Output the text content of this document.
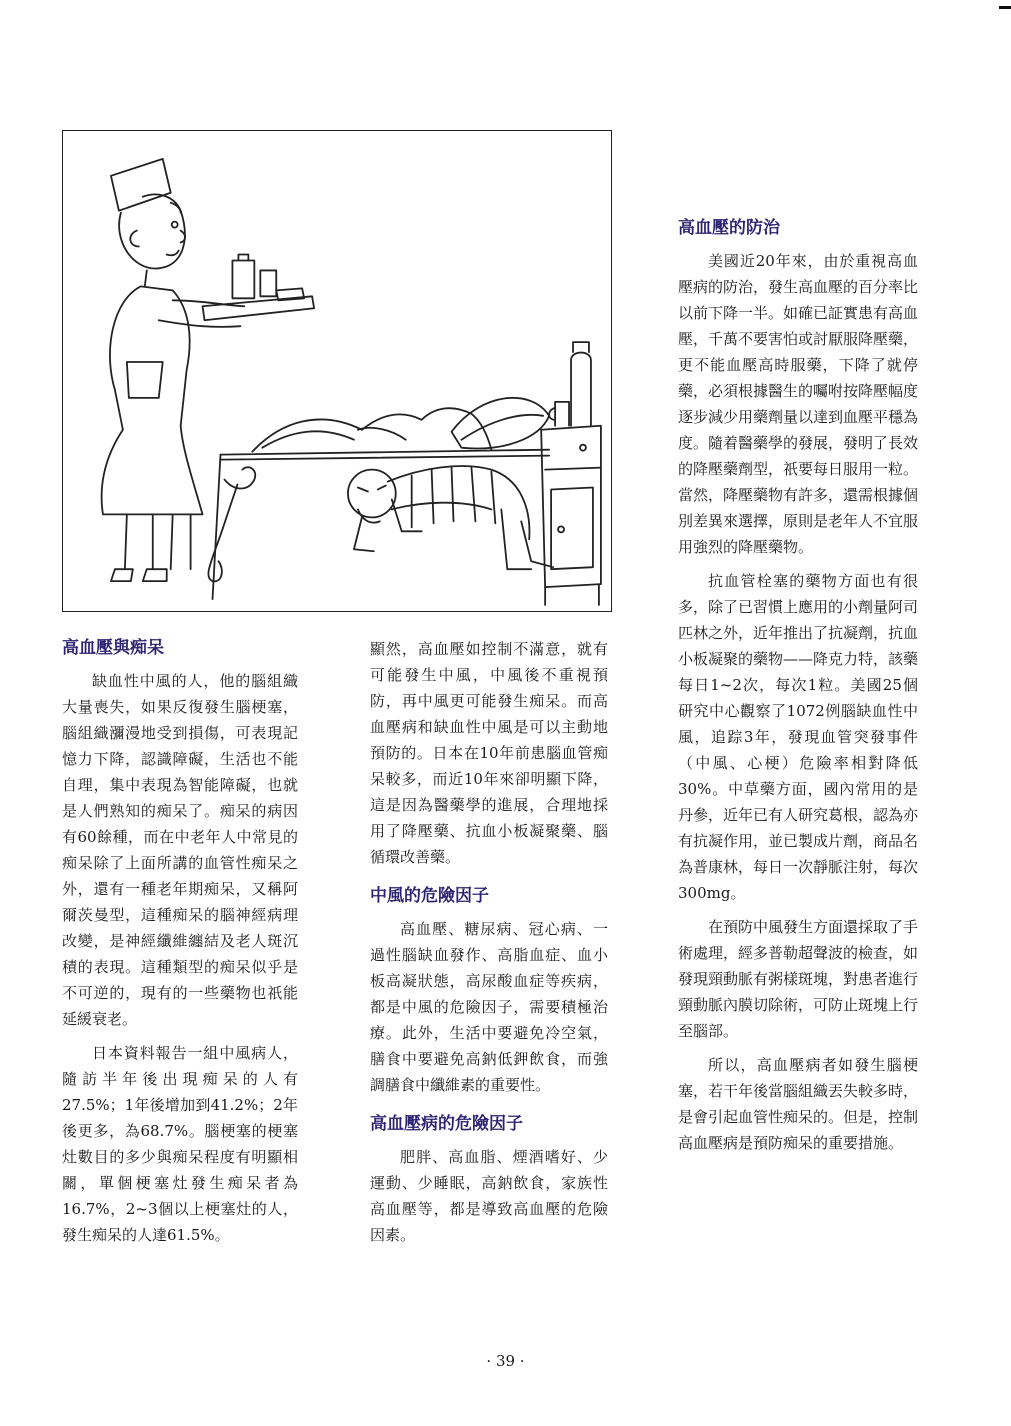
高血壓與痴呆

缺血性中風的人，他的腦組織大量喪失，如果反復發生腦梗塞，腦組織瀰漫地受到損傷，可表現記憶力下降，認識障礙，生活也不能自理，集中表現為智能障礙，也就是人們熟知的痴呆了。痴呆的病因有60餘種，而在中老年人中常見的痴呆除了上面所講的血管性痴呆之外，還有一種老年期痴呆，又稱阿爾茨曼型，這種痴呆的腦神經病理改變，是神經纖維纏結及老人斑沉積的表現。這種類型的痴呆似乎是不可逆的，現有的一些藥物也祇能延緩衰老。

日本資料報告一組中風病人，隨訪半年後出現痴呆的人有27.5%；1年後增加到41.2%；2年後更多，為68.7%。腦梗塞的梗塞灶數目的多少與痴呆程度有明顯相關，單個梗塞灶發生痴呆者為16.7%，2~3個以上梗塞灶的人，發生痴呆的人達61.5%。

顯然，高血壓如控制不滿意，就有可能發生中風，中風後不重視預防，再中風更可能發生痴呆。而高血壓病和缺血性中風是可以主動地預防的。日本在10年前患腦血管痴呆較多，而近10年來卻明顯下降，這是因為醫藥學的進展，合理地採用了降壓藥、抗血小板凝聚藥、腦循環改善藥。

中風的危險因子

高血壓、糖尿病、冠心病、一過性腦缺血發作、高脂血症、血小板高凝狀態，高尿酸血症等疾病，都是中風的危險因子，需要積極治療。此外，生活中要避免冷空氣，膳食中要避免高鈉低鉀飲食，而強調膳食中纖維素的重要性。

高血壓病的危險因子

肥胖、高血脂、煙酒嗜好、少運動、少睡眠，高鈉飲食，家族性高血壓等，都是導致高血壓的危險因素。

高血壓的防治

美國近20年來，由於重視高血壓病的防治，發生高血壓的百分率比以前下降一半。如確已証實患有高血壓，千萬不要害怕或討厭服降壓藥，更不能血壓高時服藥，下降了就停藥，必須根據醫生的囑咐按降壓幅度逐步減少用藥劑量以達到血壓平穩為度。隨着醫藥學的發展，發明了長效的降壓藥劑型，祇要每日服用一粒。當然，降壓藥物有許多，還需根據個別差異來選擇，原則是老年人不宜服用強烈的降壓藥物。

抗血管栓塞的藥物方面也有很多，除了已習慣上應用的小劑量阿司匹林之外，近年推出了抗凝劑，抗血小板凝聚的藥物——降克力特，該藥每日1~2次，每次1粒。美國25個研究中心觀察了1072例腦缺血性中風，追踪3年，發現血管突發事件（中風、心梗）危險率相對降低30%。中草藥方面，國內常用的是丹參，近年已有人研究葛根，認為亦有抗凝作用，並已製成片劑，商品名為普康林，每日一次靜脈注射，每次300mg。

在預防中風發生方面還採取了手術處理，經多普勒超聲波的檢查，如發現頸動脈有粥樣斑塊，對患者進行頸動脈內膜切除術，可防止斑塊上行至腦部。

所以，高血壓病者如發生腦梗塞，若干年後當腦組織丟失較多時，是會引起血管性痴呆的。但是，控制高血壓病是預防痴呆的重要措施。

· 39 ·
